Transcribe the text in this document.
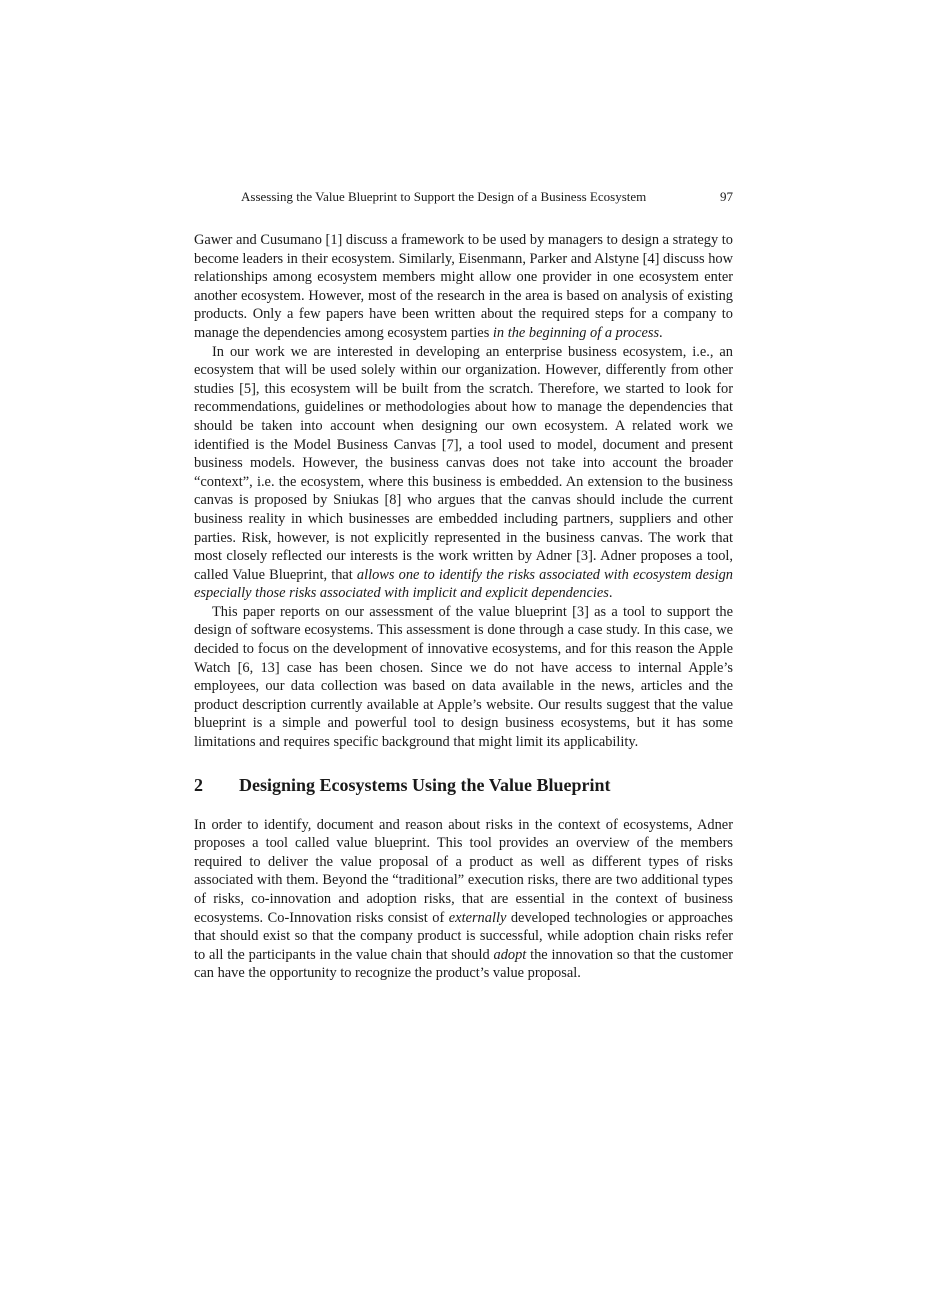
Assessing the Value Blueprint to Support the Design of a Business Ecosystem	97

Gawer and Cusumano [1] discuss a framework to be used by managers to design a strategy to become leaders in their ecosystem. Similarly, Eisenmann, Parker and Alstyne [4] discuss how relationships among ecosystem members might allow one provider in one ecosystem enter another ecosystem. However, most of the research in the area is based on analysis of existing products. Only a few papers have been written about the required steps for a company to manage the dependencies among ecosystem parties in the beginning of a process.

In our work we are interested in developing an enterprise business ecosystem, i.e., an ecosystem that will be used solely within our organization. However, differently from other studies [5], this ecosystem will be built from the scratch. Therefore, we started to look for recommendations, guidelines or methodologies about how to manage the dependencies that should be taken into account when designing our own ecosystem. A related work we identified is the Model Business Canvas [7], a tool used to model, document and present business models. However, the business canvas does not take into account the broader “context”, i.e. the ecosystem, where this business is embedded. An extension to the business canvas is proposed by Sniukas [8] who argues that the canvas should include the current business reality in which businesses are embedded including partners, suppliers and other parties. Risk, however, is not explicitly represented in the business canvas. The work that most closely reflected our interests is the work written by Adner [3]. Adner proposes a tool, called Value Blueprint, that allows one to identify the risks associated with ecosystem design especially those risks associated with implicit and explicit dependencies.

This paper reports on our assessment of the value blueprint [3] as a tool to support the design of software ecosystems. This assessment is done through a case study. In this case, we decided to focus on the development of innovative ecosystems, and for this reason the Apple Watch [6, 13] case has been chosen. Since we do not have access to internal Apple’s employees, our data collection was based on data available in the news, articles and the product description currently available at Apple’s website. Our results suggest that the value blueprint is a simple and powerful tool to design business ecosystems, but it has some limitations and requires specific background that might limit its applicability.

2	Designing Ecosystems Using the Value Blueprint

In order to identify, document and reason about risks in the context of ecosystems, Adner proposes a tool called value blueprint. This tool provides an overview of the members required to deliver the value proposal of a product as well as different types of risks associated with them. Beyond the “traditional” execution risks, there are two additional types of risks, co-innovation and adoption risks, that are essential in the context of business ecosystems. Co-Innovation risks consist of externally developed technologies or approaches that should exist so that the company product is successful, while adoption chain risks refer to all the participants in the value chain that should adopt the innovation so that the customer can have the opportunity to recognize the product’s value proposal.
